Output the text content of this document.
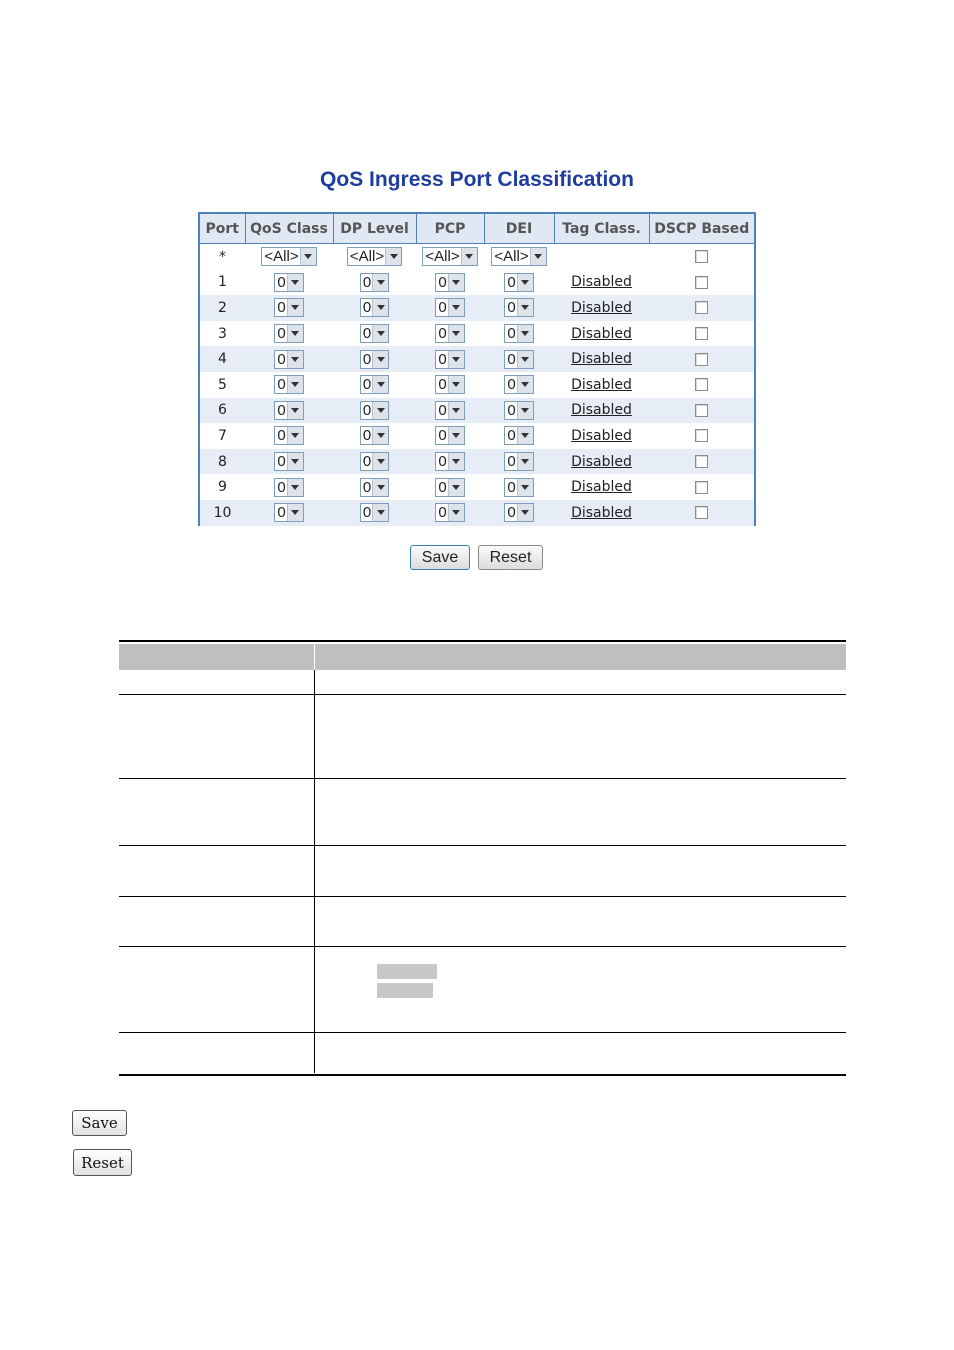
QoS Ingress Port Classification
Port	QoS Class	DP Level	PCP	DEI	Tag Class.	DSCP Based
*	<All>	<All>	<All>	<All>		

1	0	0	0	0	Disabled	
2	0	0	0	0	Disabled	
3	0	0	0	0	Disabled	
4	0	0	0	0	Disabled	
5	0	0	0	0	Disabled	
6	0	0	0	0	Disabled	
7	0	0	0	0	Disabled	
8	0	0	0	0	Disabled	
9	0	0	0	0	Disabled	
10	0	0	0	0	Disabled	
Save	Reset
Save
Reset
